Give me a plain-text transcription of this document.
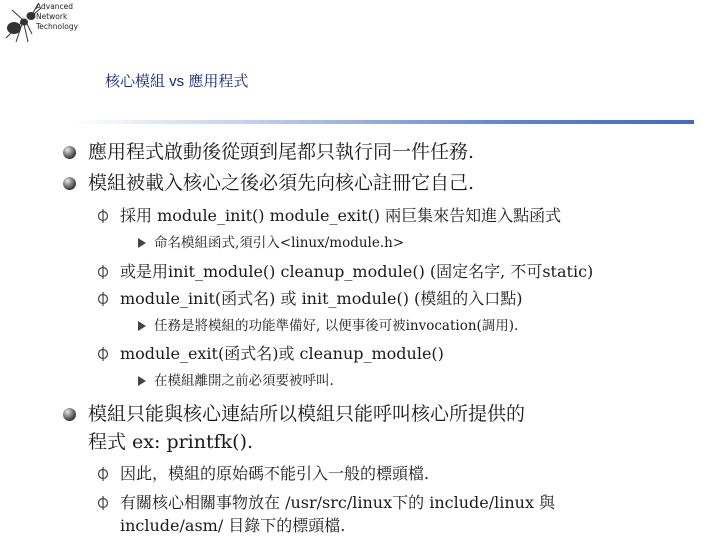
Advanced
Network
Technology
核心模組 vs 應用程式
應用程式啟動後從頭到尾都只執行同一件任務.
模組被載入核心之後必須先向核心註冊它自己.
採用 module_init() module_exit() 兩巨集來告知進入點函式
命名模組函式,須引入<linux/module.h>
或是用init_module() cleanup_module() (固定名字, 不可static)
module_init(函式名) 或 init_module() (模組的入口點)
任務是將模組的功能準備好, 以便事後可被invocation(調用).
module_exit(函式名)或 cleanup_module()
在模組離開之前必須要被呼叫.
模組只能與核心連結所以模組只能呼叫核心所提供的
程式 ex: printfk().
因此，模組的原始碼不能引入一般的標頭檔.
有關核心相關事物放在 /usr/src/linux下的 include/linux 與
include/asm/ 目錄下的標頭檔.
